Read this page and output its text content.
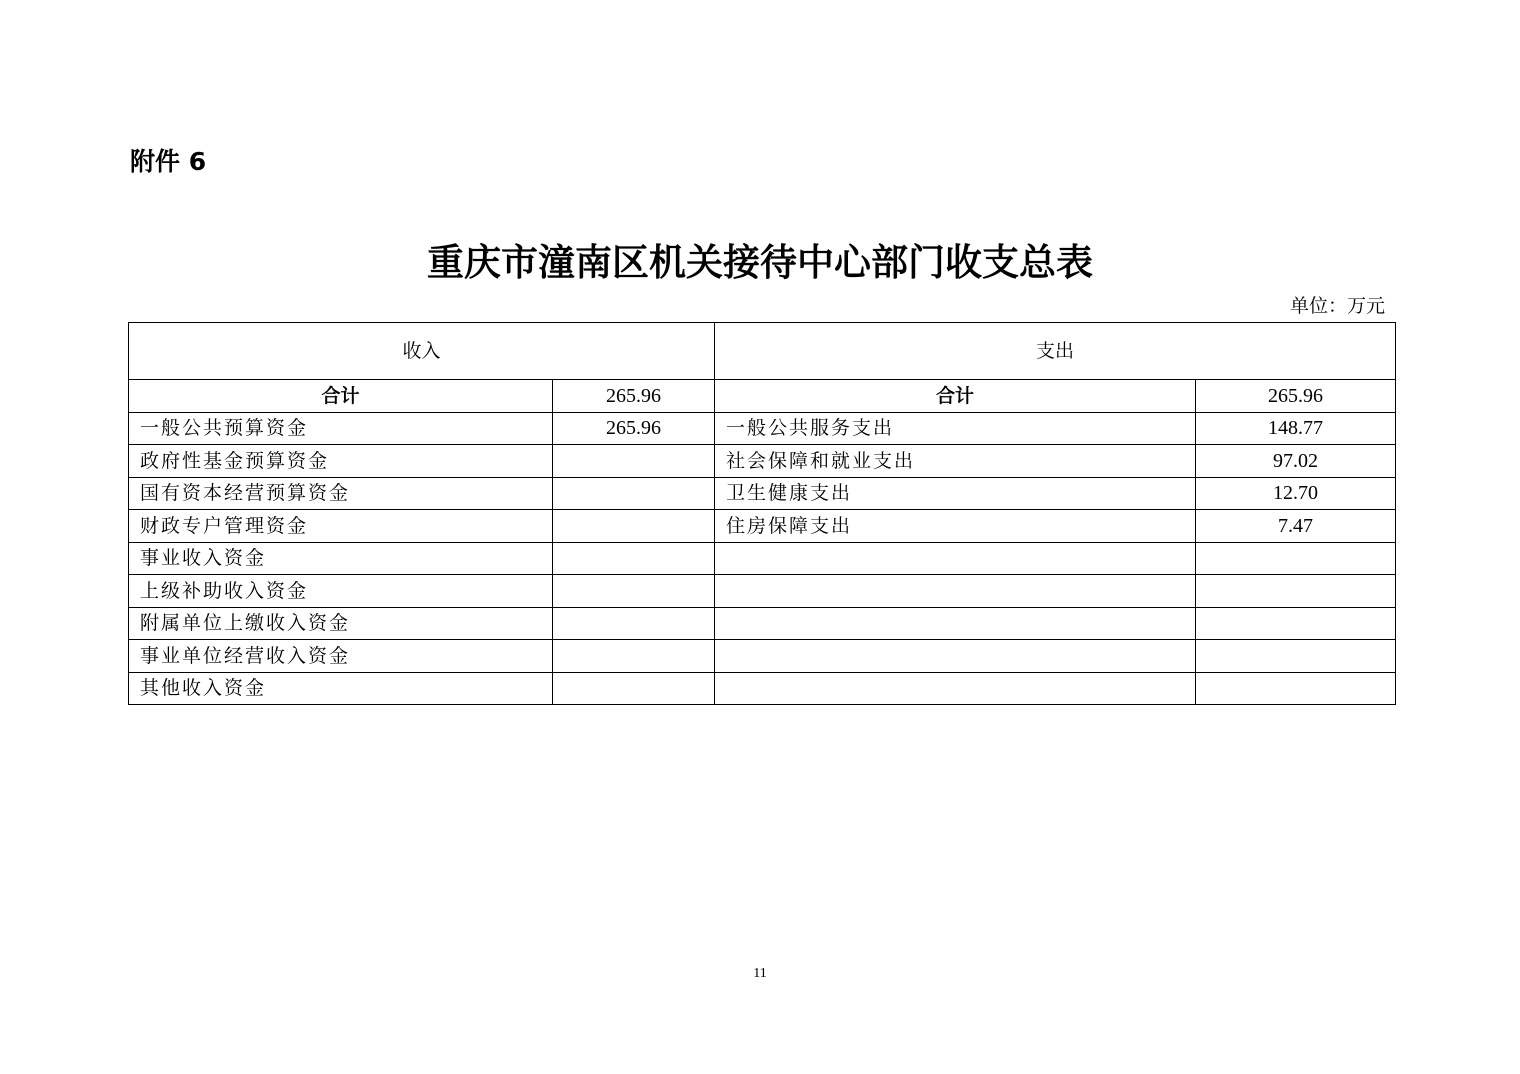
附件 6
重庆市潼南区机关接待中心部门收支总表
单位：万元
收入		支出	
合计	265.96	合计	265.96
一般公共预算资金	265.96	一般公共服务支出	148.77
政府性基金预算资金		社会保障和就业支出	97.02
国有资本经营预算资金		卫生健康支出	12.70
财政专户管理资金		住房保障支出	7.47
事业收入资金			
上级补助收入资金			
附属单位上缴收入资金			
事业单位经营收入资金			
其他收入资金			
11
